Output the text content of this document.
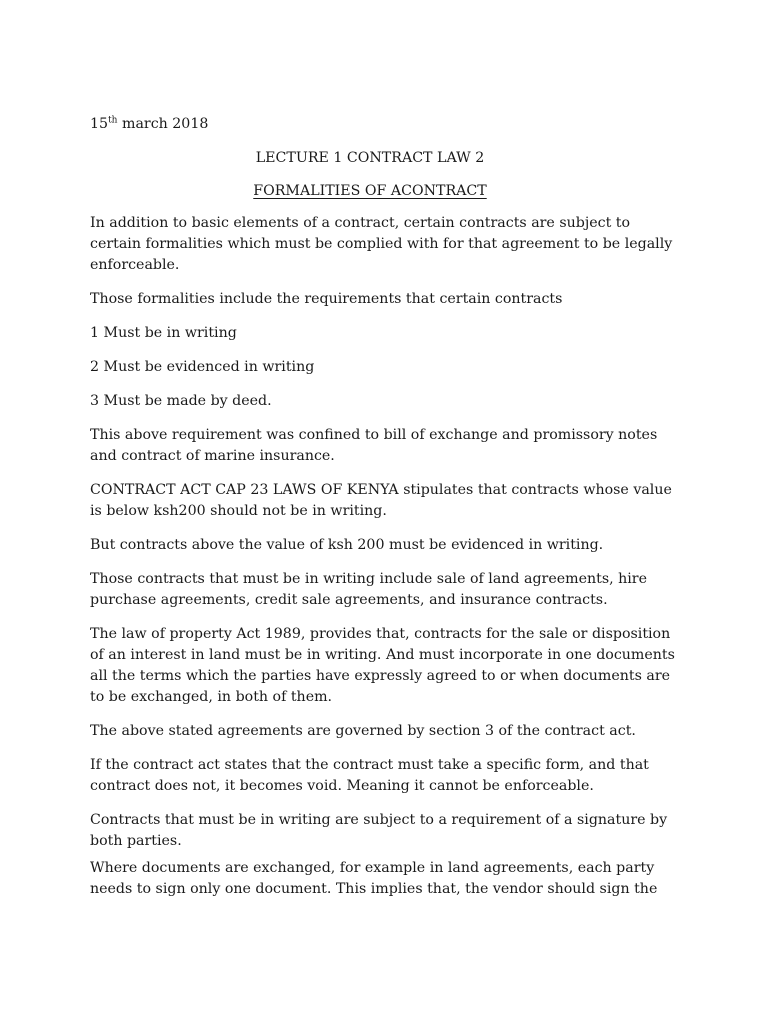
15th march 2018
LECTURE 1 CONTRACT LAW 2
FORMALITIES OF ACONTRACT

In addition to basic elements of a contract, certain contracts are subject to certain formalities which must be complied with for that agreement to be legally enforceable.

Those formalities include the requirements that certain contracts

1 Must be in writing

2 Must be evidenced in writing

3 Must be made by deed.

This above requirement was confined to bill of exchange and promissory notes and contract of marine insurance.

CONTRACT ACT CAP 23 LAWS OF KENYA stipulates that contracts whose value is below ksh200 should not be in writing.

But contracts above the value of ksh 200 must be evidenced in writing.

Those contracts that must be in writing include sale of land agreements, hire purchase agreements, credit sale agreements, and insurance contracts.

The law of property Act 1989, provides that, contracts for the sale or disposition of an interest in land must be in writing. And must incorporate in one documents all the terms which the parties have expressly agreed to or when documents are to be exchanged, in both of them.

The above stated agreements are governed by section 3 of the contract act.

If the contract act states that the contract must take a specific form, and that contract does not, it becomes void. Meaning it cannot be enforceable.

Contracts that must be in writing are subject to a requirement of a signature by both parties.

Where documents are exchanged, for example in land agreements, each party needs to sign only one document. This implies that, the vendor should sign the
